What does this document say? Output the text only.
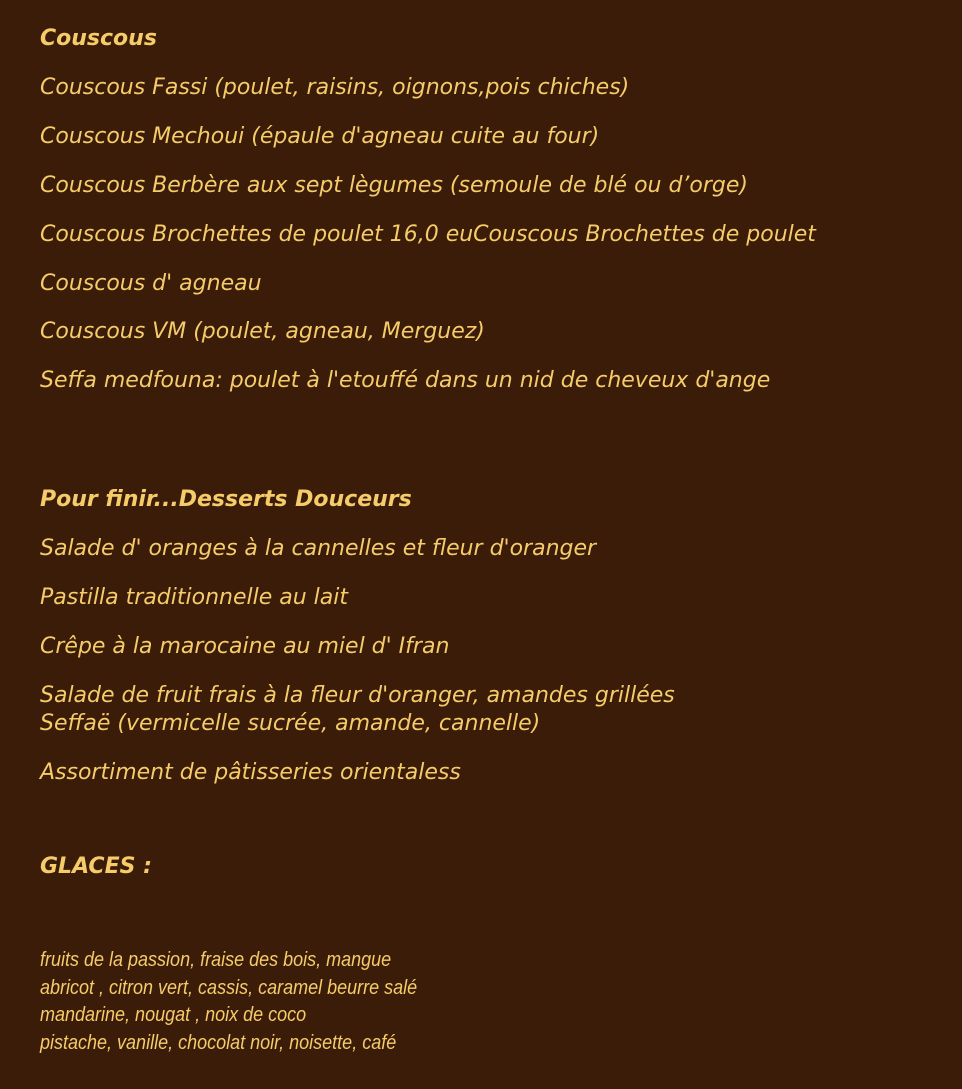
Couscous

Couscous Fassi (poulet, raisins, oignons,pois chiches)

Couscous Mechoui (épaule d'agneau cuite au four)

Couscous Berbère aux sept lègumes (semoule de blé ou d’orge)

Couscous Brochettes de poulet 16,0 euCouscous Brochettes de poulet

Couscous d' agneau

Couscous VM (poulet, agneau, Merguez)

Seffa medfouna: poulet à l'etouffé dans un nid de cheveux d'ange

Pour finir...Desserts Douceurs

Salade d' oranges à la cannelles et fleur d'oranger

Pastilla traditionnelle au lait

Crêpe à la marocaine au miel d' Ifran

Salade de fruit frais à la fleur d'oranger, amandes grillées
Seffaë (vermicelle sucrée, amande, cannelle)

Assortiment de pâtisseries orientaless

GLACES :

fruits de la passion, fraise des bois, mangue
abricot , citron vert, cassis, caramel beurre salé
mandarine, nougat , noix de coco
pistache, vanille, chocolat noir, noisette, café
